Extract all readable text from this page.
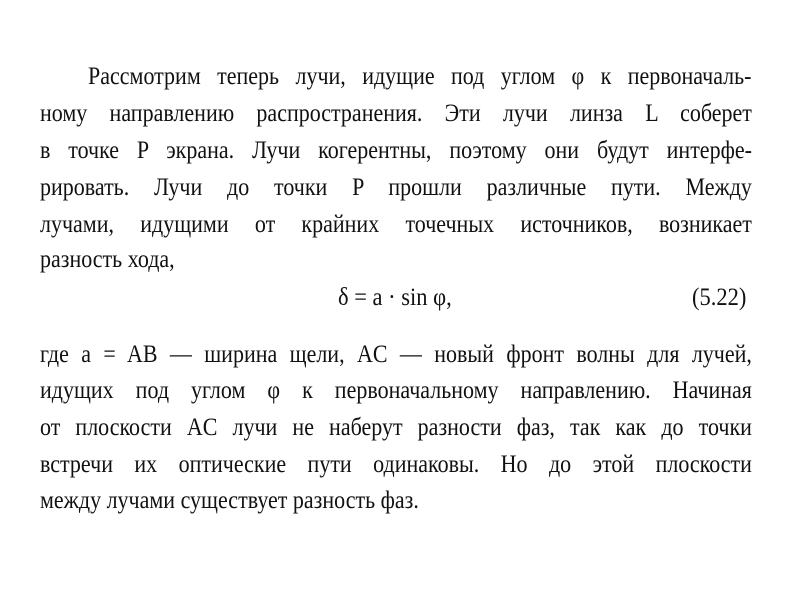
Рассмотрим теперь лучи, идущие под углом φ к первоначаль-
ному направлению распространения. Эти лучи линза L соберет
в точке P экрана. Лучи когерентны, поэтому они будут интерфе-
рировать. Лучи до точки P прошли различные пути. Между
лучами, идущими от крайних точечных источников, возникает
разность хода,
δ = a · sin φ,	(5.22)
где a = AB — ширина щели, AC — новый фронт волны для лучей,
идущих под углом φ к первоначальному направлению. Начиная
от плоскости AC лучи не наберут разности фаз, так как до точки
встречи их оптические пути одинаковы. Но до этой плоскости
между лучами существует разность фаз.
